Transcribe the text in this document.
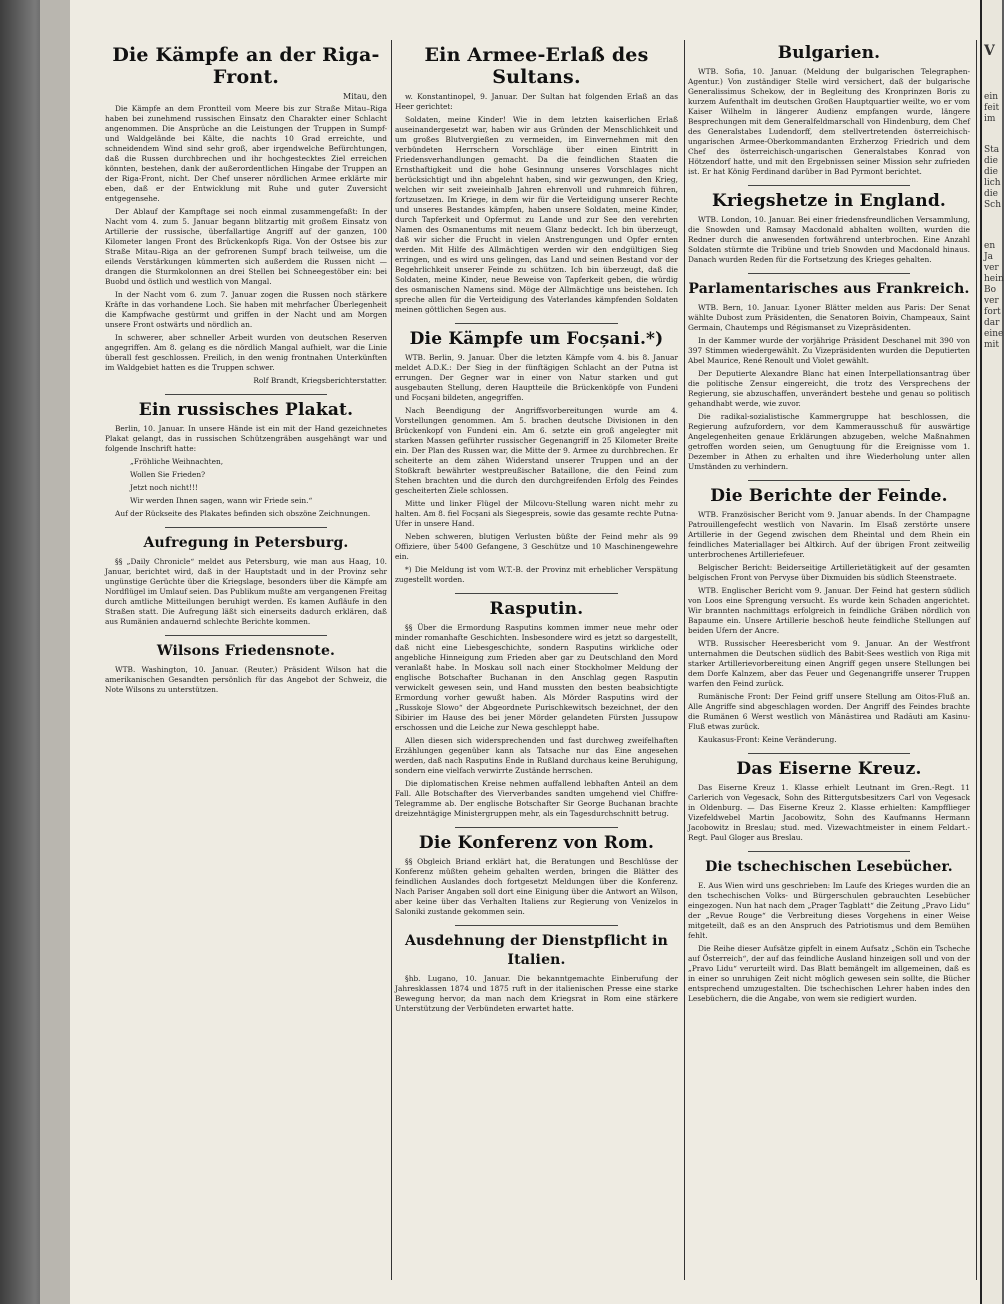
Die Kämpfe an der Riga-Front.
Mitau, den

Die Kämpfe an dem Frontteil vom Meere bis zur Straße Mitau–Riga haben bei zunehmend russischen Einsatz den Charakter einer Schlacht angenommen. Die Ansprüche an die Leistungen der Truppen in Sumpf- und Waldgelände bei Kälte, die nachts 10 Grad erreichte, und schneidendem Wind sind sehr groß, aber irgendwelche Befürchtungen, daß die Russen durchbrechen und ihr hochgestecktes Ziel erreichen könnten, bestehen, dank der außerordentlichen Hingabe der Truppen an der Riga-Front, nicht. Der Chef unserer nördlichen Armee erklärte mir eben, daß er der Entwicklung mit Ruhe und guter Zuversicht entgegensehe.

Der Ablauf der Kampftage sei noch einmal zusammengefaßt: In der Nacht vom 4. zum 5. Januar begann blitzartig mit großem Einsatz von Artillerie der russische, überfallartige Angriff auf der ganzen, 100 Kilometer langen Front des Brückenkopfs Riga. Von der Ostsee bis zur Straße Mitau–Riga an der gefrorenen Sumpf brach teilweise, um die eilends Verstärkungen kümmerten sich außerdem die Russen nicht — drangen die Sturmkolonnen an drei Stellen bei Schneegestöber ein: bei Buobd und östlich und westlich von Mangal.

In der Nacht vom 6. zum 7. Januar zogen die Russen noch stärkere Kräfte in das vorhandene Loch. Sie haben mit mehrfacher Überlegenheit die Kampfwache gestürmt und griffen in der Nacht und am Morgen unsere Front ostwärts und nördlich an.

In schwerer, aber schneller Arbeit wurden von deutschen Reserven angegriffen. Am 8. gelang es die nördlich Mangal aufhielt, war die Linie überall fest geschlossen. Freilich, in den wenig frontnahen Unterkünften im Waldgebiet hatten es die Truppen schwer.

Rolf Brandt, Kriegsberichterstatter.
Ein russisches Plakat.

Berlin, 10. Januar. In unsere Hände ist ein mit der Hand gezeichnetes Plakat gelangt, das in russischen Schützengräben ausgehängt war und folgende Inschrift hatte:

„Fröhliche Weihnachten,
Wollen Sie Frieden?
Jetzt noch nicht!!!
Wir werden Ihnen sagen, wann wir Friede sein.“

Auf der Rückseite des Plakates befinden sich obszöne Zeichnungen.

Aufregung in Petersburg.

§§ „Daily Chronicle“ meldet aus Petersburg, wie man aus Haag, 10. Januar, berichtet wird, daß in der Hauptstadt und in der Provinz sehr ungünstige Gerüchte über die Kriegslage, besonders über die Kämpfe am Nordflügel im Umlauf seien. Das Publikum mußte am vergangenen Freitag durch amtliche Mitteilungen beruhigt werden. Es kamen Aufläufe in den Straßen statt. Die Aufregung läßt sich einerseits dadurch erklären, daß aus Rumänien andauernd schlechte Berichte kommen.

Wilsons Friedensnote.

WTB. Washington, 10. Januar. (Reuter.) Präsident Wilson hat die amerikanischen Gesandten persönlich für das Angebot der Schweiz, die Note Wilsons zu unterstützen.

Ein Armee-Erlaß des Sultans.

w. Konstantinopel, 9. Januar. Der Sultan hat folgenden Erlaß an das Heer gerichtet:

Soldaten, meine Kinder! Wie in dem letzten kaiserlichen Erlaß auseinandergesetzt war, haben wir aus Gründen der Menschlichkeit und um großes Blutvergießen zu vermeiden, im Einvernehmen mit den verbündeten Herrschern Vorschläge über einen Eintritt in Friedensverhandlungen gemacht. Da die feindlichen Staaten die Ernsthaftigkeit und die hohe Gesinnung unseres Vorschlages nicht berücksichtigt und ihn abgelehnt haben, sind wir gezwungen, den Krieg, welchen wir seit zweieinhalb Jahren ehrenvoll und ruhmreich führen, fortzusetzen. Im Kriege, in dem wir für die Verteidigung unserer Rechte und unseres Bestandes kämpfen, haben unsere Soldaten, meine Kinder, durch Tapferkeit und Opfermut zu Lande und zur See den verehrten Namen des Osmanentums mit neuem Glanz bedeckt. Ich bin überzeugt, daß wir sicher die Frucht in vielen Anstrengungen und Opfer ernten werden. Mit Hilfe des Allmächtigen werden wir den endgültigen Sieg erringen, und es wird uns gelingen, das Land und seinen Bestand vor der Begehrlichkeit unserer Feinde zu schützen. Ich bin überzeugt, daß die Soldaten, meine Kinder, neue Beweise von Tapferkeit geben, die würdig des osmanischen Namens sind. Möge der Allmächtige uns beistehen. Ich spreche allen für die Verteidigung des Vaterlandes kämpfenden Soldaten meinen göttlichen Segen aus.

Die Kämpfe um Focșani.*)

WTB. Berlin, 9. Januar. Über die letzten Kämpfe vom 4. bis 8. Januar meldet A.D.K.: Der Sieg in der fünftägigen Schlacht an der Putna ist errungen. Der Gegner war in einer von Natur starken und gut ausgebauten Stellung, deren Hauptteile die Brückenköpfe von Fundeni und Focșani bildeten, angegriffen.

Nach Beendigung der Angriffsvorbereitungen wurde am 4. Vorstellungen genommen. Am 5. brachen deutsche Divisionen in den Brückenkopf von Fundeni ein. Am 6. setzte ein groß angelegter mit starken Massen geführter russischer Gegenangriff in 25 Kilometer Breite ein. Der Plan des Russen war, die Mitte der 9. Armee zu durchbrechen. Er scheiterte an dem zähen Widerstand unserer Truppen und an der Stoßkraft bewährter westpreußischer Bataillone, die den Feind zum Stehen brachten und die durch den durchgreifenden Erfolg des Feindes gescheiterten Ziele schlossen.

Mitte und linker Flügel der Milcovu-Stellung waren nicht mehr zu halten. Am 8. fiel Focșani als Siegespreis, sowie das gesamte rechte Putna-Ufer in unsere Hand.

Neben schweren, blutigen Verlusten büßte der Feind mehr als 99 Offiziere, über 5400 Gefangene, 3 Geschütze und 10 Maschinengewehre ein.

*) Die Meldung ist vom W.T.-B. der Provinz mit erheblicher Verspätung zugestellt worden.

Rasputin.

§§ Über die Ermordung Rasputins kommen immer neue mehr oder minder romanhafte Geschichten. Insbesondere wird es jetzt so dargestellt, daß nicht eine Liebesgeschichte, sondern Rasputins wirkliche oder angebliche Hinneigung zum Frieden aber gar zu Deutschland den Mord veranlaßt habe. In Moskau soll nach einer Stockholmer Meldung der englische Botschafter Buchanan in den Anschlag gegen Rasputin verwickelt gewesen sein, und Hand mussten den besten beabsichtigte Ermordung vorher gewußt haben. Als Mörder Rasputins wird der „Russkoje Slowo“ der Abgeordnete Purischkewitsch bezeichnet, der den Sibirier im Hause des bei jener Mörder gelandeten Fürsten Jussupow erschossen und die Leiche zur Newa geschleppt habe.

Allen diesen sich widersprechenden und fast durchweg zweifelhaften Erzählungen gegenüber kann als Tatsache nur das Eine angesehen werden, daß nach Rasputins Ende in Rußland durchaus keine Beruhigung, sondern eine vielfach verwirrte Zustände herrschen.

Die diplomatischen Kreise nehmen auffallend lebhaften Anteil an dem Fall. Alle Botschafter des Vierverbandes sandten umgehend viel Chiffre-Telegramme ab. Der englische Botschafter Sir George Buchanan brachte dreizehntägige Ministergruppen mehr, als ein Tagesdurchschnitt betrug.

Die Konferenz von Rom.

§§ Obgleich Briand erklärt hat, die Beratungen und Beschlüsse der Konferenz müßten geheim gehalten werden, bringen die Blätter des feindlichen Auslandes doch fortgesetzt Meldungen über die Konferenz. Nach Pariser Angaben soll dort eine Einigung über die Antwort an Wilson, aber keine über das Verhalten Italiens zur Regierung von Venizelos in Saloniki zustande gekommen sein.

Ausdehnung der Dienstpflicht in Italien.

§hb. Lugano, 10. Januar. Die bekanntgemachte Einberufung der Jahresklassen 1874 und 1875 ruft in der italienischen Presse eine starke Bewegung hervor, da man nach dem Kriegsrat in Rom eine stärkere Unterstützung der Verbündeten erwartet hatte.

Bulgarien.

WTB. Sofia, 10. Januar. (Meldung der bulgarischen Telegraphen-Agentur.) Von zuständiger Stelle wird versichert, daß der bulgarische Generalissimus Schekow, der in Begleitung des Kronprinzen Boris zu kurzem Aufenthalt im deutschen Großen Hauptquartier weilte, wo er vom Kaiser Wilhelm in längerer Audienz empfangen wurde, längere Besprechungen mit dem Generalfeldmarschall von Hindenburg, dem Chef des Generalstabes Ludendorff, dem stellvertretenden österreichisch-ungarischen Armee-Oberkommandanten Erzherzog Friedrich und dem Chef des österreichisch-ungarischen Generalstabes Konrad von Hötzendorf hatte, und mit den Ergebnissen seiner Mission sehr zufrieden ist. Er hat König Ferdinand darüber in Bad Pyrmont berichtet.

Kriegshetze in England.

WTB. London, 10. Januar. Bei einer friedensfreundlichen Versammlung, die Snowden und Ramsay Macdonald abhalten wollten, wurden die Redner durch die anwesenden fortwährend unterbrochen. Eine Anzahl Soldaten stürmte die Tribüne und trieb Snowden und Macdonald hinaus. Danach wurden Reden für die Fortsetzung des Krieges gehalten.

Parlamentarisches aus Frankreich.

WTB. Bern, 10. Januar. Lyoner Blätter melden aus Paris: Der Senat wählte Dubost zum Präsidenten, die Senatoren Boivin, Champeaux, Saint Germain, Chautemps und Régismanset zu Vizepräsidenten.

In der Kammer wurde der vorjährige Präsident Deschanel mit 390 von 397 Stimmen wiedergewählt. Zu Vizepräsidenten wurden die Deputierten Abel Maurice, René Renoult und Violet gewählt.

Der Deputierte Alexandre Blanc hat einen Interpellationsantrag über die politische Zensur eingereicht, die trotz des Versprechens der Regierung, sie abzuschaffen, unverändert bestehe und genau so politisch gehandhabt werde, wie zuvor.

Die radikal-sozialistische Kammergruppe hat beschlossen, die Regierung aufzufordern, vor dem Kammerausschuß für auswärtige Angelegenheiten genaue Erklärungen abzugeben, welche Maßnahmen getroffen worden seien, um Genugtuung für die Ereignisse vom 1. Dezember in Athen zu erhalten und ihre Wiederholung unter allen Umständen zu verhindern.

Die Berichte der Feinde.

WTB. Französischer Bericht vom 9. Januar abends. In der Champagne Patrouillengefecht westlich von Navarin. Im Elsaß zerstörte unsere Artillerie in der Gegend zwischen dem Rheintal und dem Rhein ein feindliches Materiallager bei Altkirch. Auf der übrigen Front zeitweilig unterbrochenes Artilleriefeuer.

Belgischer Bericht: Beiderseitige Artillerietätigkeit auf der gesamten belgischen Front von Pervyse über Dixmuiden bis südlich Steenstraete.

WTB. Englischer Bericht vom 9. Januar. Der Feind hat gestern südlich von Loos eine Sprengung versucht. Es wurde kein Schaden angerichtet. Wir brannten nachmittags erfolgreich in feindliche Gräben nördlich von Bapaume ein. Unsere Artillerie beschoß heute feindliche Stellungen auf beiden Ufern der Ancre.

WTB. Russischer Heeresbericht vom 9. Januar. An der Westfront unternahmen die Deutschen südlich des Babit-Sees westlich von Riga mit starker Artillerievorbereitung einen Angriff gegen unsere Stellungen bei dem Dorfe Kalnzem, aber das Feuer und Gegenangriffe unserer Truppen warfen den Feind zurück.

Rumänische Front: Der Feind griff unsere Stellung am Oitos-Fluß an. Alle Angriffe sind abgeschlagen worden. Der Angriff des Feindes brachte die Rumänen 6 Werst westlich von Mănăstirea und Radăuti am Kasinu-Fluß etwas zurück.

Kaukasus-Front: Keine Veränderung.

Das Eiserne Kreuz.

Das Eiserne Kreuz 1. Klasse erhielt Leutnant im Gren.-Regt. 11 Carlerich von Vegesack, Sohn des Rittergutsbesitzers Carl von Vegesack in Oldenburg. — Das Eiserne Kreuz 2. Klasse erhielten: Kampfflieger Vizefeldwebel Martin Jacobowitz, Sohn des Kaufmanns Hermann Jacobowitz in Breslau; stud. med. Vizewachtmeister in einem Feldart.-Regt. Paul Gloger aus Breslau.

Die tschechischen Lesebücher.

E. Aus Wien wird uns geschrieben: Im Laufe des Krieges wurden die an den tschechischen Volks- und Bürgerschulen gebrauchten Lesebücher eingezogen. Nun hat nach dem „Prager Tagblatt“ die Zeitung „Pravo Lidu“ der „Revue Rouge“ die Verbreitung dieses Vorgehens in einer Weise mitgeteilt, daß es an den Anspruch des Patriotismus und dem Bemühen fehlt.

Die Reihe dieser Aufsätze gipfelt in einem Aufsatz „Schön ein Tscheche auf Österreich“, der auf das feindliche Ausland hinzeigen soll und von der „Pravo Lidu“ verurteilt wird. Das Blatt bemängelt im allgemeinen, daß es in einer so unruhigen Zeit nicht möglich gewesen sein sollte, die Bücher entsprechend umzugestalten. Die tschechischen Lehrer haben indes den Lesebüchern, die die Angabe, von wem sie redigiert wurden.

V
ein
feit
im
Sta
die
die
lich
die
Sch
en
Ja
ver
hein
Bo
ver
fort
dar
eine
mit
